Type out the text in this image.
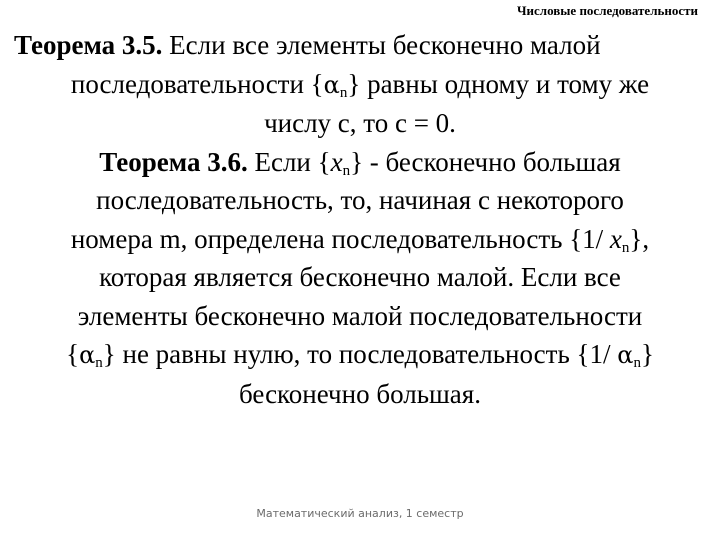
Числовые последовательности
Теорема 3.5. Если все элементы бесконечно малой
последовательности $\{\alpha_n\}$ равны одному и тому же
числу с, то с = 0.
Теорема 3.6. Если $\{x_n\}$ - бесконечно большая
последовательность, то, начиная с некоторого
номера m, определена последовательность {1/ $x_n$},
которая является бесконечно малой. Если все
элементы бесконечно малой последовательности
$\{\alpha_n\}$ не равны нулю, то последовательность {1/ $\alpha_n$}
бесконечно большая.
Математический анализ, 1 семестр
